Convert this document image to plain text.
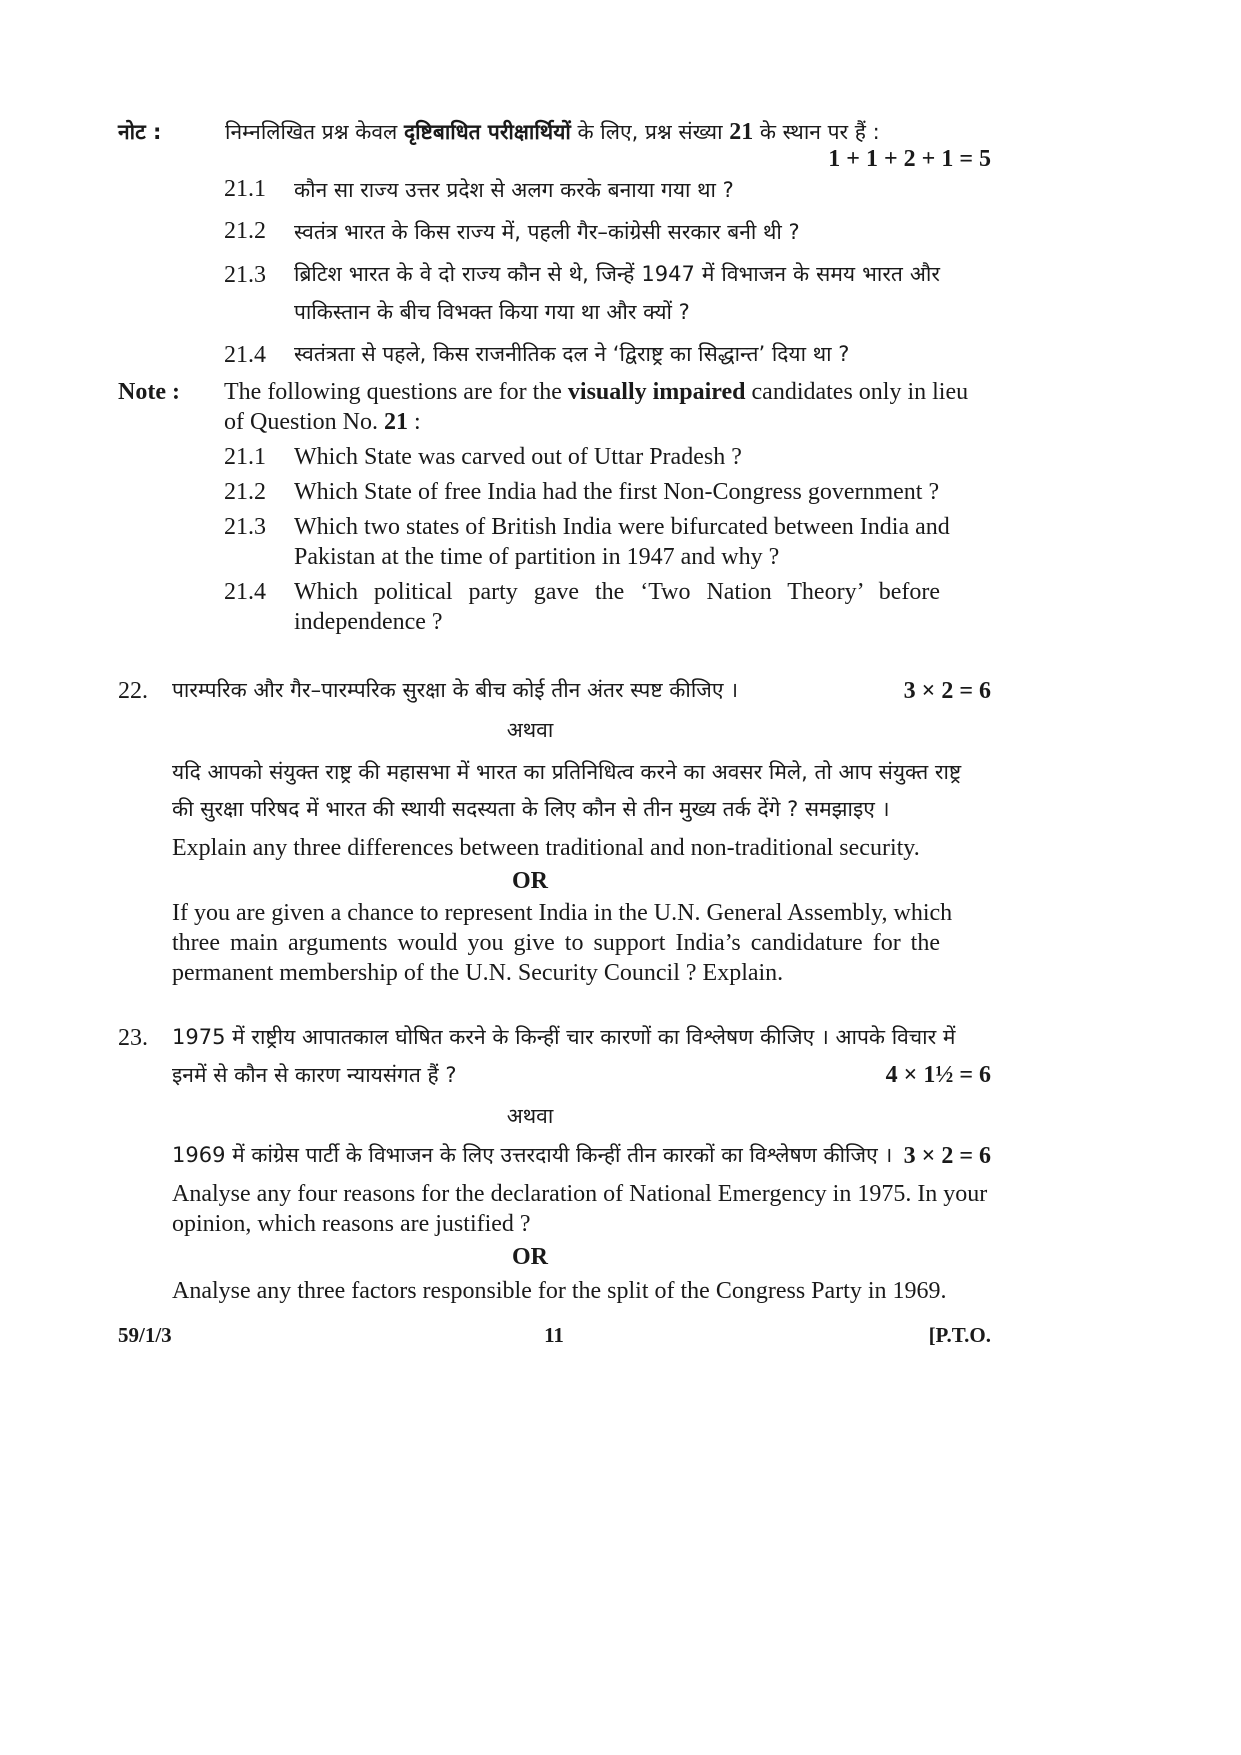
नोट :	निम्नलिखित प्रश्न केवल दृष्टिबाधित परीक्षार्थियों के लिए, प्रश्न संख्या 21 के स्थान पर हैं :
1 + 1 + 2 + 1 = 5
21.1 कौन सा राज्य उत्तर प्रदेश से अलग करके बनाया गया था ?
21.2 स्वतंत्र भारत के किस राज्य में, पहली गैर–कांग्रेसी सरकार बनी थी ?
21.3 ब्रिटिश भारत के वे दो राज्य कौन से थे, जिन्हें 1947 में विभाजन के समय भारत और
पाकिस्तान के बीच विभक्त किया गया था और क्यों ?
21.4 स्वतंत्रता से पहले, किस राजनीतिक दल ने ‘द्विराष्ट्र का सिद्धान्त’ दिया था ?
Note : The following questions are for the visually impaired candidates only in lieu
of Question No. 21 :
21.1 Which State was carved out of Uttar Pradesh ?
21.2 Which State of free India had the first Non-Congress government ?
21.3 Which two states of British India were bifurcated between India and
Pakistan at the time of partition in 1947 and why ?
21.4 Which political party gave the ‘Two Nation Theory’ before
independence ?
22. पारम्परिक और गैर–पारम्परिक सुरक्षा के बीच कोई तीन अंतर स्पष्ट कीजिए ।	3 × 2 = 6
अथवा
यदि आपको संयुक्त राष्ट्र की महासभा में भारत का प्रतिनिधित्व करने का अवसर मिले, तो आप संयुक्त राष्ट्र
की सुरक्षा परिषद में भारत की स्थायी सदस्यता के लिए कौन से तीन मुख्य तर्क देंगे ? समझाइए ।
Explain any three differences between traditional and non-traditional security.
OR
If you are given a chance to represent India in the U.N. General Assembly, which
three main arguments would you give to support India’s candidature for the
permanent membership of the U.N. Security Council ? Explain.
23. 1975 में राष्ट्रीय आपातकाल घोषित करने के किन्हीं चार कारणों का विश्लेषण कीजिए । आपके विचार में
इनमें से कौन से कारण न्यायसंगत हैं ?	4 × 1½ = 6
अथवा
1969 में कांग्रेस पार्टी के विभाजन के लिए उत्तरदायी किन्हीं तीन कारकों का विश्लेषण कीजिए । 3 × 2 = 6
Analyse any four reasons for the declaration of National Emergency in 1975. In your
opinion, which reasons are justified ?
OR
Analyse any three factors responsible for the split of the Congress Party in 1969.
59/1/3	11	[P.T.O.
